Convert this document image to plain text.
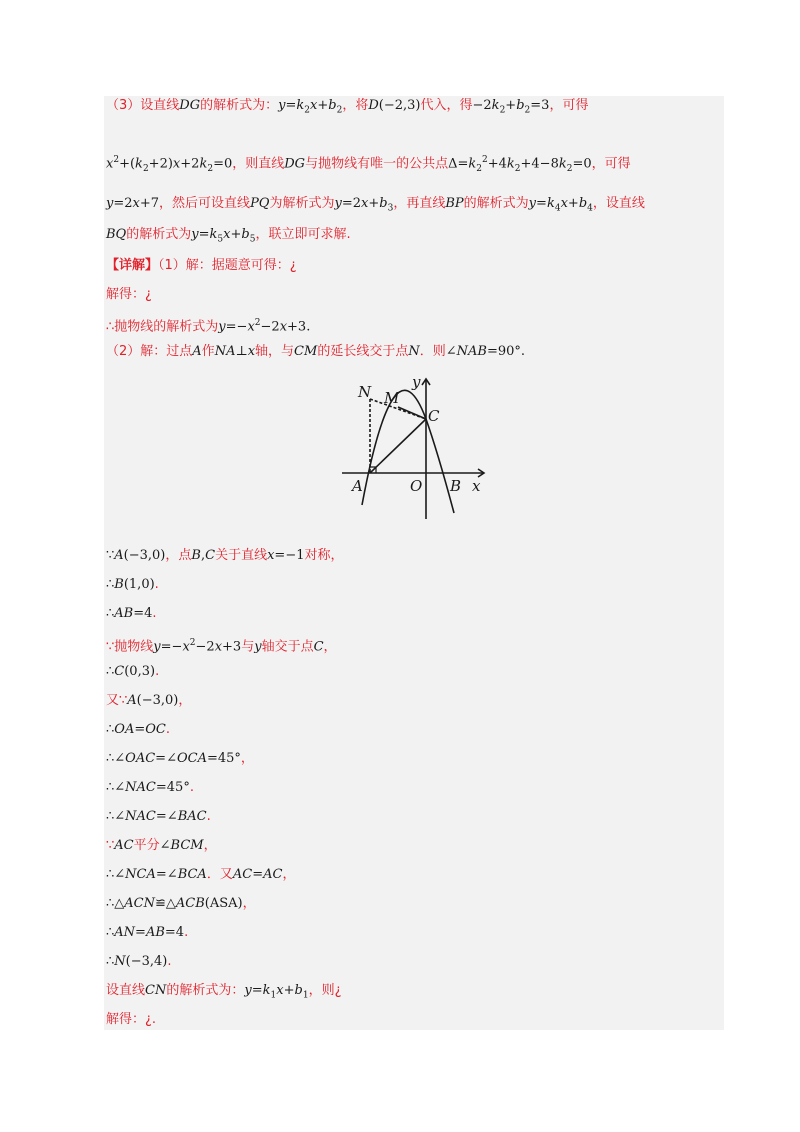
（3）设直线DG的解析式为：$y=k_2x+b_2$，将D(−2,3)代入，得$-2k_2+b_2=3$，可得
$x^2+(k_2+2)x+2k_2=0$，则直线DG与抛物线有唯一的公共点$\Delta=k_2^2+4k_2+4-8k_2=0$，可得
y=2x+7，然后可设直线PQ为解析式为$y=2x+b_3$，再直线BP的解析式为$y=k_4x+b_4$，设直线
BQ的解析式为$y=k_5x+b_5$，联立即可求解.
【详解】（1）解：据题意可得：¿
解得：¿
∴抛物线的解析式为$y=-x^2-2x+3$.
（2）解：过点A作NA⊥x轴，与CM的延长线交于点N．则∠NAB=90°.
N M
C
y
A	O B x
∵A(−3,0)，点B,C关于直线x=−1对称，
∴B(1,0).
∴AB=4.
∵抛物线$y=-x^2-2x+3$与y轴交于点C，
∴C(0,3).
又∵A(−3,0)，
∴OA=OC.
∴∠OAC=∠OCA=45°，
∴∠NAC=45°.
∴∠NAC=∠BAC.
∵AC平分∠BCM，
∴∠NCA=∠BCA．又AC=AC，
∴△ACN≌△ACB(ASA)，
∴AN=AB=4.
∴N(−3,4).
设直线CN的解析式为：$y=k_1x+b_1$，则¿
解得：¿.
